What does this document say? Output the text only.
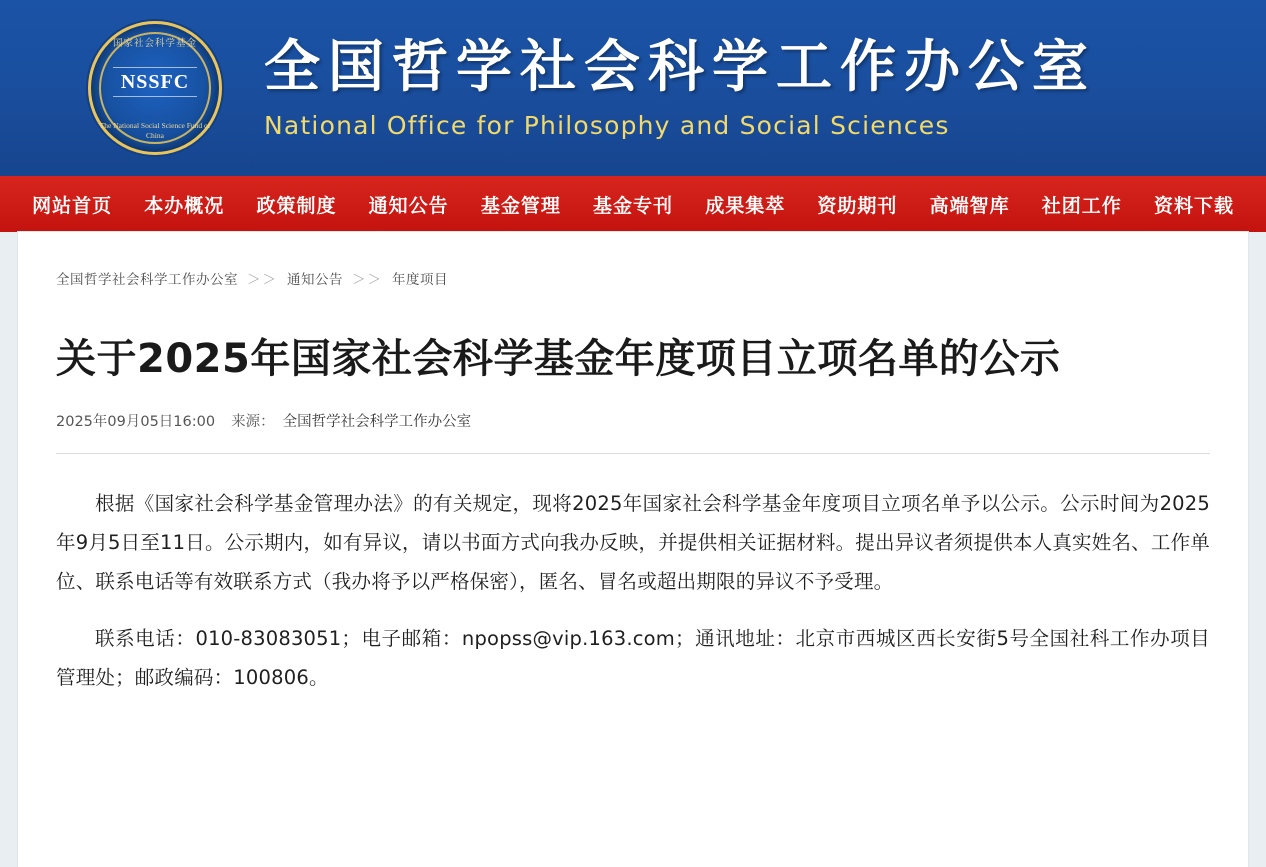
国家社会科学基金
NSSFC
The National Social Science Fund of China
全国哲学社会科学工作办公室
National Office for Philosophy and Social Sciences
网站首页	本办概况	政策制度	通知公告	基金管理	基金专刊	成果集萃	资助期刊	高端智库	社团工作	资料下载
全国哲学社会科学工作办公室 ＞＞ 通知公告 ＞＞ 年度项目
关于2025年国家社会科学基金年度项目立项名单的公示
2025年09月05日16:00 来源： 全国哲学社会科学工作办公室

根据《国家社会科学基金管理办法》的有关规定，现将2025年国家社会科学基金年度项目立项名单予以公示。公示时间为2025年9月5日至11日。公示期内，如有异议，请以书面方式向我办反映，并提供相关证据材料。提出异议者须提供本人真实姓名、工作单位、联系电话等有效联系方式（我办将予以严格保密），匿名、冒名或超出期限的异议不予受理。

联系电话：010-83083051；电子邮箱：npopss@vip.163.com；通讯地址：北京市西城区西长安街5号全国社科工作办项目管理处；邮政编码：100806。
